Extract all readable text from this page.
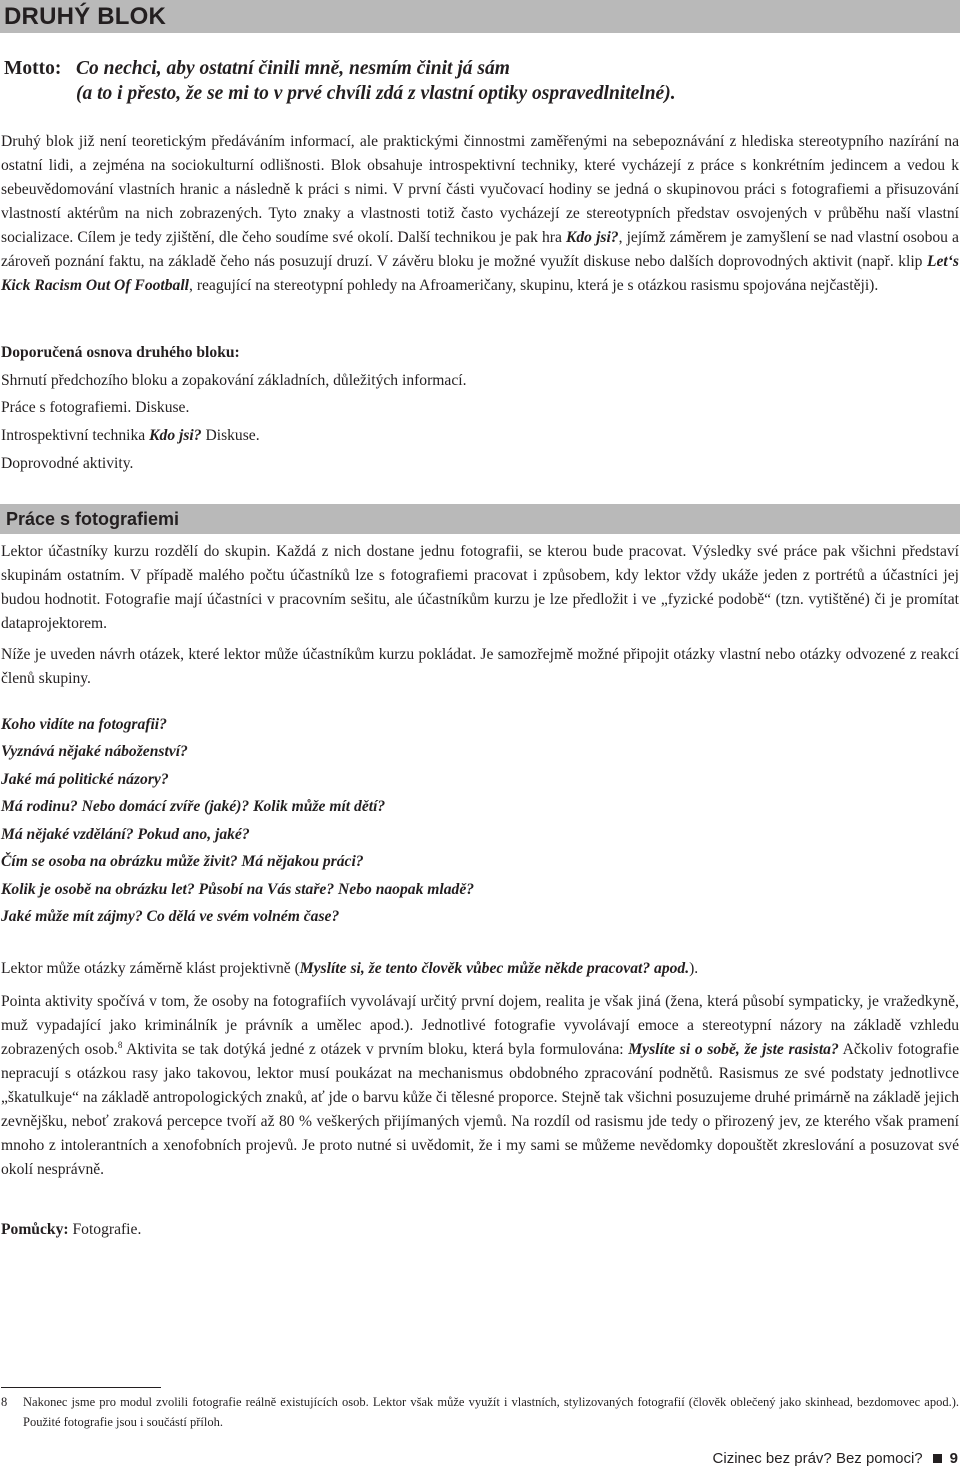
DRUHÝ BLOK
Motto: Co nechci, aby ostatní činili mně, nesmím činit já sám
(a to i přesto, že se mi to v prvé chvíli zdá z vlastní optiky ospravedlnitelné).

Druhý blok již není teoretickým předáváním informací, ale praktickými činnostmi zaměřenými na sebepoznávání z hlediska stereotypního nazírání na ostatní lidi, a zejména na sociokulturní odlišnosti. Blok obsahuje introspektivní techniky, které vycházejí z práce s konkrétním jedincem a vedou k sebeuvědomování vlastních hranic a následně k práci s nimi. V první části vyučovací hodiny se jedná o skupinovou práci s fotografiemi a přisuzování vlastností aktérům na nich zobrazených. Tyto znaky a vlastnosti totiž často vycházejí ze stereotypních představ osvojených v průběhu naší vlastní socializace. Cílem je tedy zjištění, dle čeho soudíme své okolí. Další technikou je pak hra Kdo jsi?, jejímž záměrem je zamyšlení se nad vlastní osobou a zároveň poznání faktu, na základě čeho nás posuzují druzí. V závěru bloku je možné využít diskuse nebo dalších doprovodných aktivit (např. klip Let‘s Kick Racism Out Of Football, reagující na stereotypní pohledy na Afroameričany, skupinu, která je s otázkou rasismu spojována nejčastěji).

Doporučená osnova druhého bloku:
Shrnutí předchozího bloku a zopakování základních, důležitých informací.
Práce s fotografiemi. Diskuse.
Introspektivní technika Kdo jsi? Diskuse.
Doprovodné aktivity.
Práce s fotografiemi

Lektor účastníky kurzu rozdělí do skupin. Každá z nich dostane jednu fotografii, se kterou bude pracovat. Výsledky své práce pak všichni představí skupinám ostatním. V případě malého počtu účastníků lze s fotografiemi pracovat i způsobem, kdy lektor vždy ukáže jeden z portrétů a účastníci jej budou hodnotit. Fotografie mají účastníci v pracovním sešitu, ale účastníkům kurzu je lze předložit i ve „fyzické podobě“ (tzn. vytištěné) či je promítat dataprojektorem.

Níže je uveden návrh otázek, které lektor může účastníkům kurzu pokládat. Je samozřejmě možné připojit otázky vlastní nebo otázky odvozené z reakcí členů skupiny.

Koho vidíte na fotografii?
Vyznává nějaké náboženství?
Jaké má politické názory?
Má rodinu? Nebo domácí zvíře (jaké)? Kolik může mít dětí?
Má nějaké vzdělání? Pokud ano, jaké?
Čím se osoba na obrázku může živit? Má nějakou práci?
Kolik je osobě na obrázku let? Působí na Vás staře? Nebo naopak mladě?
Jaké může mít zájmy? Co dělá ve svém volném čase?

Lektor může otázky záměrně klást projektivně (Myslíte si, že tento člověk vůbec může někde pracovat? apod.).

Pointa aktivity spočívá v tom, že osoby na fotografiích vyvolávají určitý první dojem, realita je však jiná (žena, která působí sympaticky, je vražedkyně, muž vypadající jako kriminálník je právník a umělec apod.). Jednotlivé fotografie vyvolávají emoce a stereotypní názory na základě vzhledu zobrazených osob.$^8$ Aktivita se tak dotýká jedné z otázek v prvním bloku, která byla formulována: Myslíte si o sobě, že jste rasista? Ačkoliv fotografie nepracují s otázkou rasy jako takovou, lektor musí poukázat na mechanismus obdobného zpracování podnětů. Rasismus ze své podstaty jednotlivce „škatulkuje“ na základě antropologických znaků, ať jde o barvu kůže či tělesné proporce. Stejně tak všichni posuzujeme druhé primárně na základě jejich zevnějšku, neboť zraková percepce tvoří až 80 % veškerých přijímaných vjemů. Na rozdíl od rasismu jde tedy o přirozený jev, ze kterého však pramení mnoho z intolerantních a xenofobních projevů. Je proto nutné si uvědomit, že i my sami se můžeme nevědomky dopouštět zkreslování a posuzovat své okolí nesprávně.

Pomůcky: Fotografie.
8 Nakonec jsme pro modul zvolili fotografie reálně existujících osob. Lektor však může využít i vlastních, stylizovaných fotografií (člověk oblečený jako skinhead, bezdomovec apod.). Použité fotografie jsou i součástí příloh.
Cizinec bez práv? Bez pomoci? 9
